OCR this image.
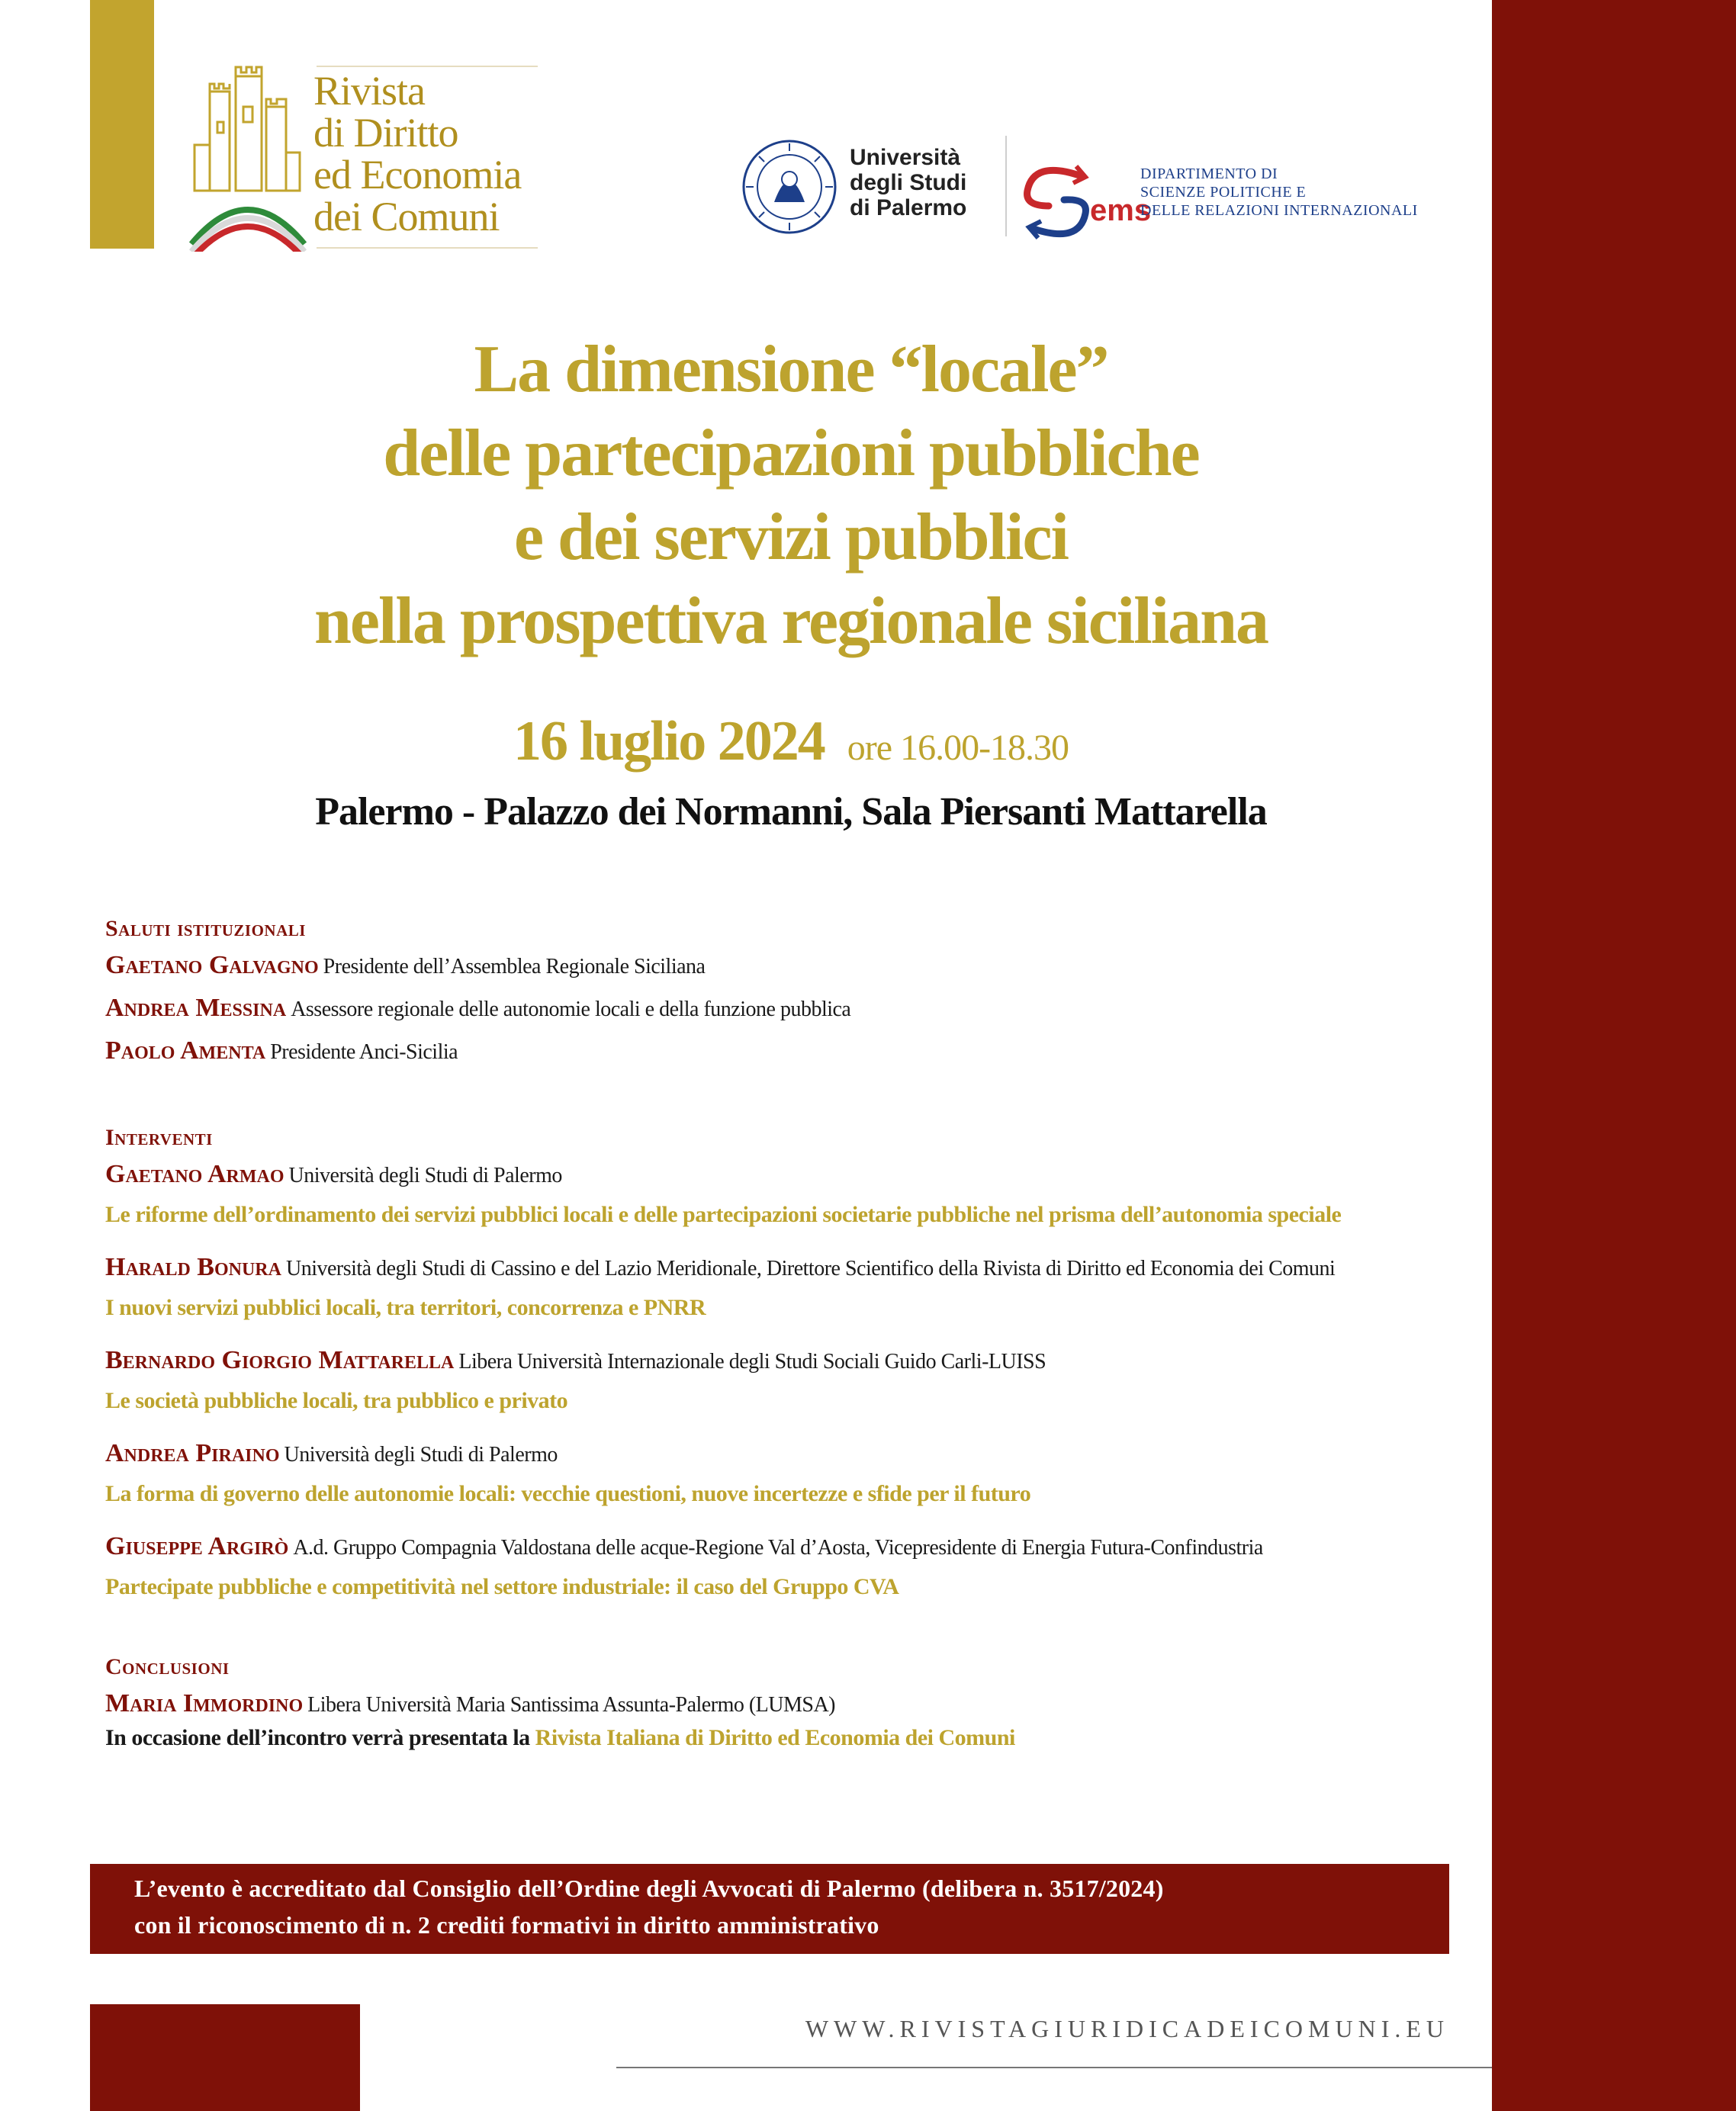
Rivista
di Diritto
ed Economia
dei Comuni
Università
degli Studi
di Palermo	ems
DIPARTIMENTO DI
SCIENZE POLITICHE E
DELLE RELAZIONI INTERNAZIONALI
La dimensione “locale”
delle partecipazioni pubbliche
e dei servizi pubblici
nella prospettiva regionale siciliana
16 luglio 2024 ore 16.00-18.30
Palermo - Palazzo dei Normanni, Sala Piersanti Mattarella
Saluti istituzionali
Gaetano Galvagno Presidente dell’Assemblea Regionale Siciliana
Andrea Messina Assessore regionale delle autonomie locali e della funzione pubblica
Paolo Amenta Presidente Anci-Sicilia
Interventi
Gaetano Armao Università degli Studi di Palermo
Le riforme dell’ordinamento dei servizi pubblici locali e delle partecipazioni societarie pubbliche nel prisma dell’autonomia speciale
Harald Bonura Università degli Studi di Cassino e del Lazio Meridionale, Direttore Scientifico della Rivista di Diritto ed Economia dei Comuni
I nuovi servizi pubblici locali, tra territori, concorrenza e PNRR
Bernardo Giorgio Mattarella Libera Università Internazionale degli Studi Sociali Guido Carli-LUISS
Le società pubbliche locali, tra pubblico e privato
Andrea Piraino Università degli Studi di Palermo
La forma di governo delle autonomie locali: vecchie questioni, nuove incertezze e sfide per il futuro
Giuseppe Argirò A.d. Gruppo Compagnia Valdostana delle acque-Regione Val d’Aosta, Vicepresidente di Energia Futura-Confindustria
Partecipate pubbliche e competitività nel settore industriale: il caso del Gruppo CVA
Conclusioni
Maria Immordino Libera Università Maria Santissima Assunta-Palermo (LUMSA)
In occasione dell’incontro verrà presentata la Rivista Italiana di Diritto ed Economia dei Comuni
L’evento è accreditato dal Consiglio dell’Ordine degli Avvocati di Palermo (delibera n. 3517/2024)
con il riconoscimento di n. 2 crediti formativi in diritto amministrativo
WWW.RIVISTAGIURIDICADEICOMUNI.EU
